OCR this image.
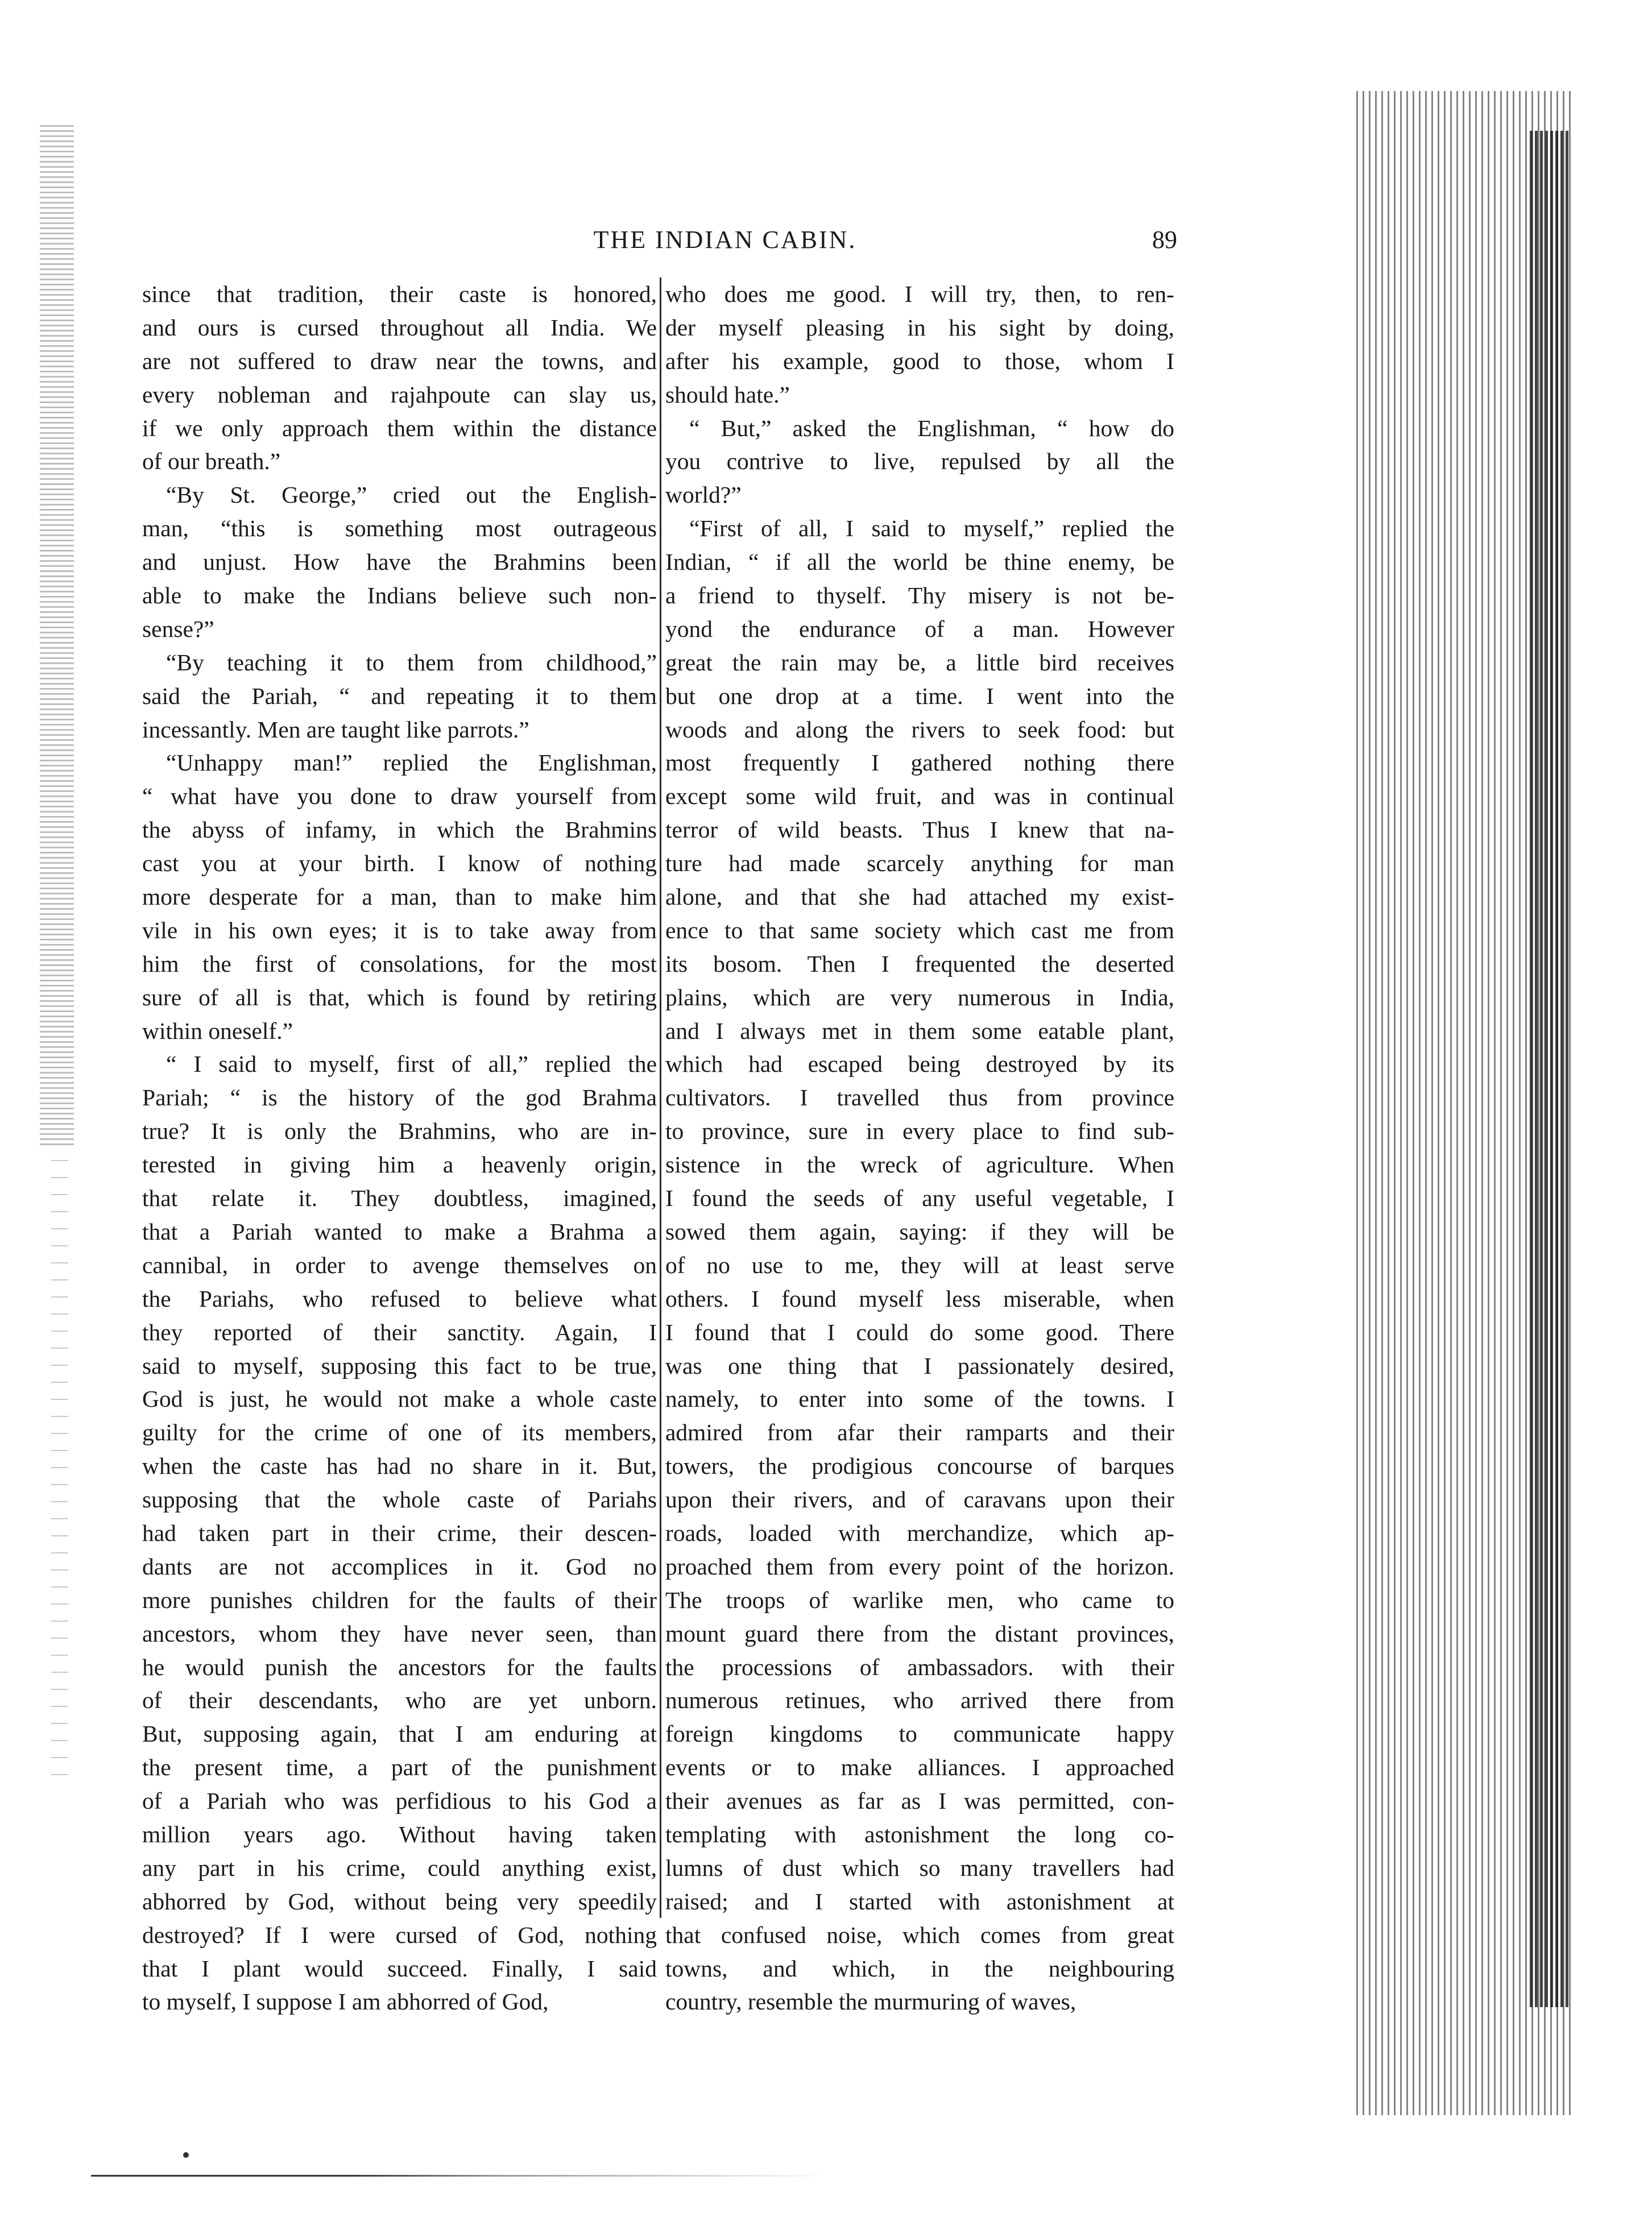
THE INDIAN CABIN.	89
since that tradition, their caste is honored,
and ours is cursed throughout all India. We
are not suffered to draw near the towns, and
every nobleman and rajahpoute can slay us,
if we only approach them within the distance
of our breath.”
“By St. George,” cried out the English-
man, “this is something most outrageous
and unjust. How have the Brahmins been
able to make the Indians believe such non-
sense?”
“By teaching it to them from childhood,”
said the Pariah, “ and repeating it to them
incessantly. Men are taught like parrots.”
“Unhappy man!” replied the Englishman,
“ what have you done to draw yourself from
the abyss of infamy, in which the Brahmins
cast you at your birth. I know of nothing
more desperate for a man, than to make him
vile in his own eyes; it is to take away from
him the first of consolations, for the most
sure of all is that, which is found by retiring
within oneself.”
“ I said to myself, first of all,” replied the
Pariah; “ is the history of the god Brahma
true? It is only the Brahmins, who are in-
terested in giving him a heavenly origin,
that relate it. They doubtless, imagined,
that a Pariah wanted to make a Brahma a
cannibal, in order to avenge themselves on
the Pariahs, who refused to believe what
they reported of their sanctity. Again, I
said to myself, supposing this fact to be true,
God is just, he would not make a whole caste
guilty for the crime of one of its members,
when the caste has had no share in it. But,
supposing that the whole caste of Pariahs
had taken part in their crime, their descen-
dants are not accomplices in it. God no
more punishes children for the faults of their
ancestors, whom they have never seen, than
he would punish the ancestors for the faults
of their descendants, who are yet unborn.
But, supposing again, that I am enduring at
the present time, a part of the punishment
of a Pariah who was perfidious to his God a
million years ago. Without having taken
any part in his crime, could anything exist,
abhorred by God, without being very speedily
destroyed? If I were cursed of God, nothing
that I plant would succeed. Finally, I said
to myself, I suppose I am abhorred of God,
who does me good. I will try, then, to ren-
der myself pleasing in his sight by doing,
after his example, good to those, whom I
should hate.”
“ But,” asked the Englishman, “ how do
you contrive to live, repulsed by all the
world?”
“First of all, I said to myself,” replied the
Indian, “ if all the world be thine enemy, be
a friend to thyself. Thy misery is not be-
yond the endurance of a man. However
great the rain may be, a little bird receives
but one drop at a time. I went into the
woods and along the rivers to seek food: but
most frequently I gathered nothing there
except some wild fruit, and was in continual
terror of wild beasts. Thus I knew that na-
ture had made scarcely anything for man
alone, and that she had attached my exist-
ence to that same society which cast me from
its bosom. Then I frequented the deserted
plains, which are very numerous in India,
and I always met in them some eatable plant,
which had escaped being destroyed by its
cultivators. I travelled thus from province
to province, sure in every place to find sub-
sistence in the wreck of agriculture. When
I found the seeds of any useful vegetable, I
sowed them again, saying: if they will be
of no use to me, they will at least serve
others. I found myself less miserable, when
I found that I could do some good. There
was one thing that I passionately desired,
namely, to enter into some of the towns. I
admired from afar their ramparts and their
towers, the prodigious concourse of barques
upon their rivers, and of caravans upon their
roads, loaded with merchandize, which ap-
proached them from every point of the horizon.
The troops of warlike men, who came to
mount guard there from the distant provinces,
the processions of ambassadors. with their
numerous retinues, who arrived there from
foreign kingdoms to communicate happy
events or to make alliances. I approached
their avenues as far as I was permitted, con-
templating with astonishment the long co-
lumns of dust which so many travellers had
raised; and I started with astonishment at
that confused noise, which comes from great
towns, and which, in the neighbouring
country, resemble the murmuring of waves,
